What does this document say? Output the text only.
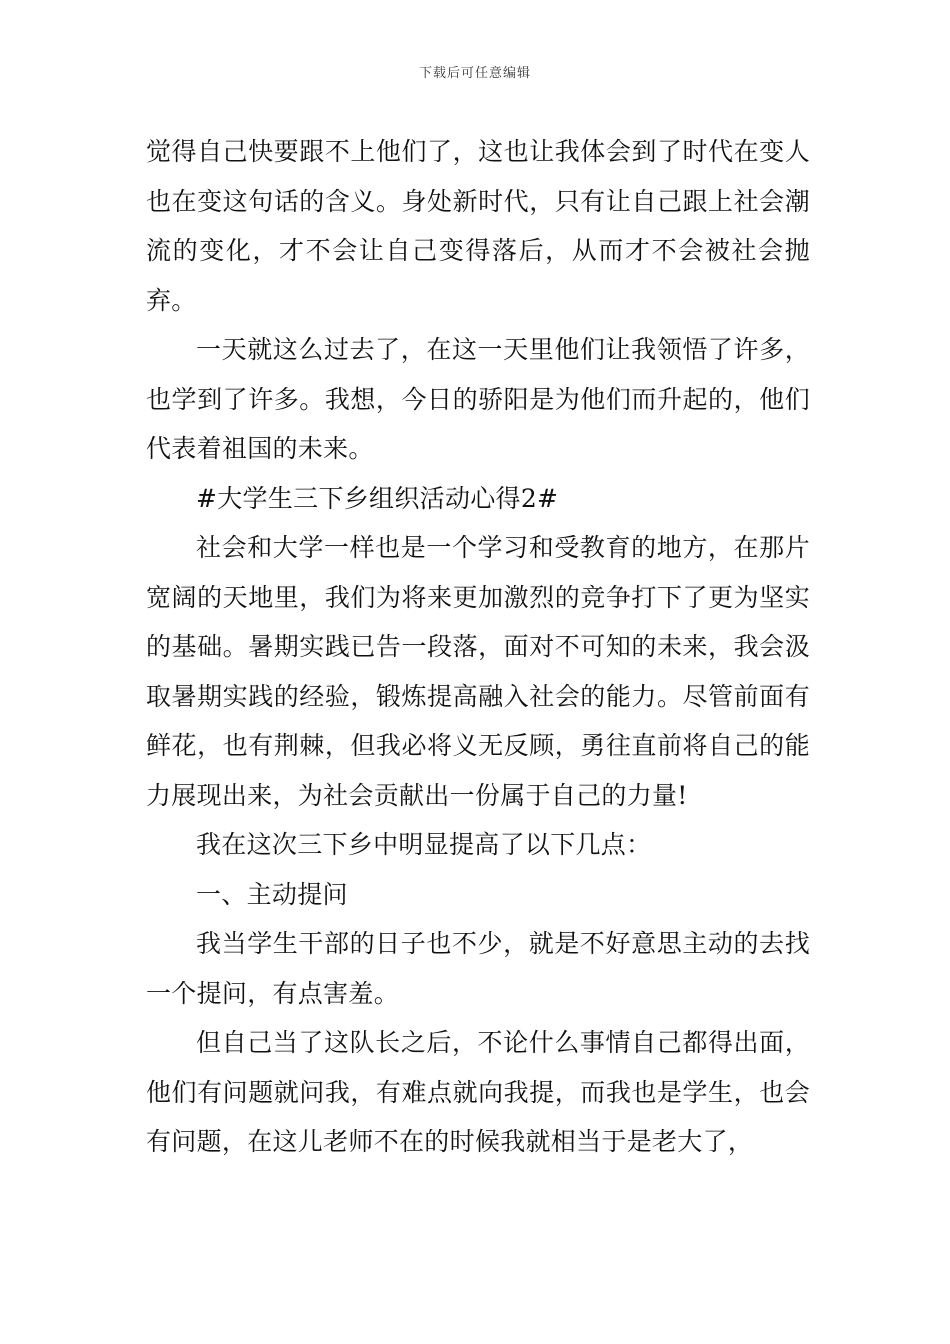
下载后可任意编辑

觉得自己快要跟不上他们了，这也让我体会到了时代在变人也在变这句话的含义。身处新时代，只有让自己跟上社会潮流的变化，才不会让自己变得落后，从而才不会被社会抛弃。

一天就这么过去了，在这一天里他们让我领悟了许多，也学到了许多。我想，今日的骄阳是为他们而升起的，他们代表着祖国的未来。

#大学生三下乡组织活动心得2#

社会和大学一样也是一个学习和受教育的地方，在那片宽阔的天地里，我们为将来更加激烈的竞争打下了更为坚实的基础。暑期实践已告一段落，面对不可知的未来，我会汲取暑期实践的经验，锻炼提高融入社会的能力。尽管前面有鲜花，也有荆棘，但我必将义无反顾，勇往直前将自己的能力展现出来，为社会贡献出一份属于自己的力量!

我在这次三下乡中明显提高了以下几点：

一、主动提问

我当学生干部的日子也不少，就是不好意思主动的去找一个提问，有点害羞。

但自己当了这队长之后，不论什么事情自己都得出面，他们有问题就问我，有难点就向我提，而我也是学生，也会有问题，在这儿老师不在的时候我就相当于是老大了，
